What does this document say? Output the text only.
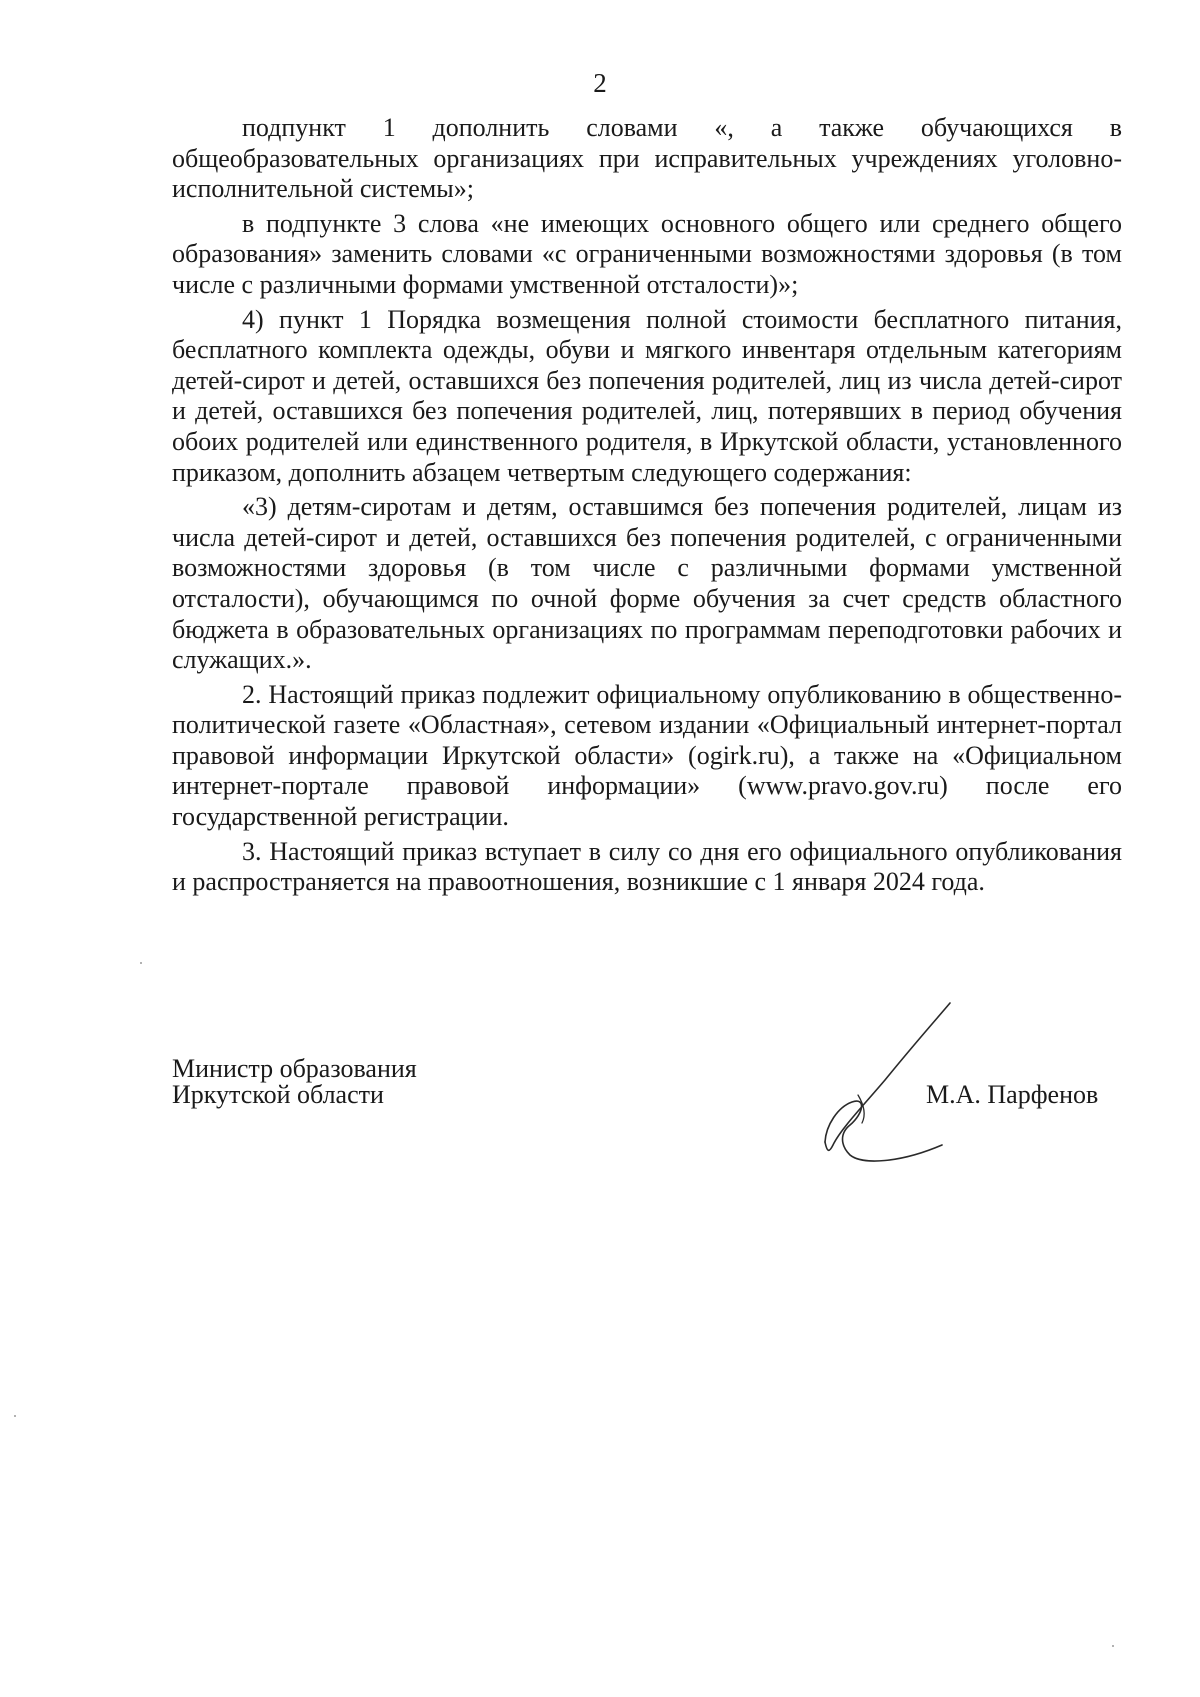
2

подпункт 1 дополнить словами «, а также обучающихся в общеобразовательных организациях при исправительных учреждениях уголовно-исполнительной системы»;

в подпункте 3 слова «не имеющих основного общего или среднего общего образования» заменить словами «с ограниченными возможностями здоровья (в том числе с различными формами умственной отсталости)»;

4) пункт 1 Порядка возмещения полной стоимости бесплатного питания, бесплатного комплекта одежды, обуви и мягкого инвентаря отдельным категориям детей-сирот и детей, оставшихся без попечения родителей, лиц из числа детей-сирот и детей, оставшихся без попечения родителей, лиц, потерявших в период обучения обоих родителей или единственного родителя, в Иркутской области, установленного приказом, дополнить абзацем четвертым следующего содержания:

«3) детям-сиротам и детям, оставшимся без попечения родителей, лицам из числа детей-сирот и детей, оставшихся без попечения родителей, с ограниченными возможностями здоровья (в том числе с различными формами умственной отсталости), обучающимся по очной форме обучения за счет средств областного бюджета в образовательных организациях по программам переподготовки рабочих и служащих.».

2. Настоящий приказ подлежит официальному опубликованию в общественно-политической газете «Областная», сетевом издании «Официальный интернет-портал правовой информации Иркутской области» (ogirk.ru), а также на «Официальном интернет-портале правовой информации» (www.pravo.gov.ru) после его государственной регистрации.

3. Настоящий приказ вступает в силу со дня его официального опубликования и распространяется на правоотношения, возникшие с 1 января 2024 года.

Министр образования
Иркутской области	М.А. Парфенов
